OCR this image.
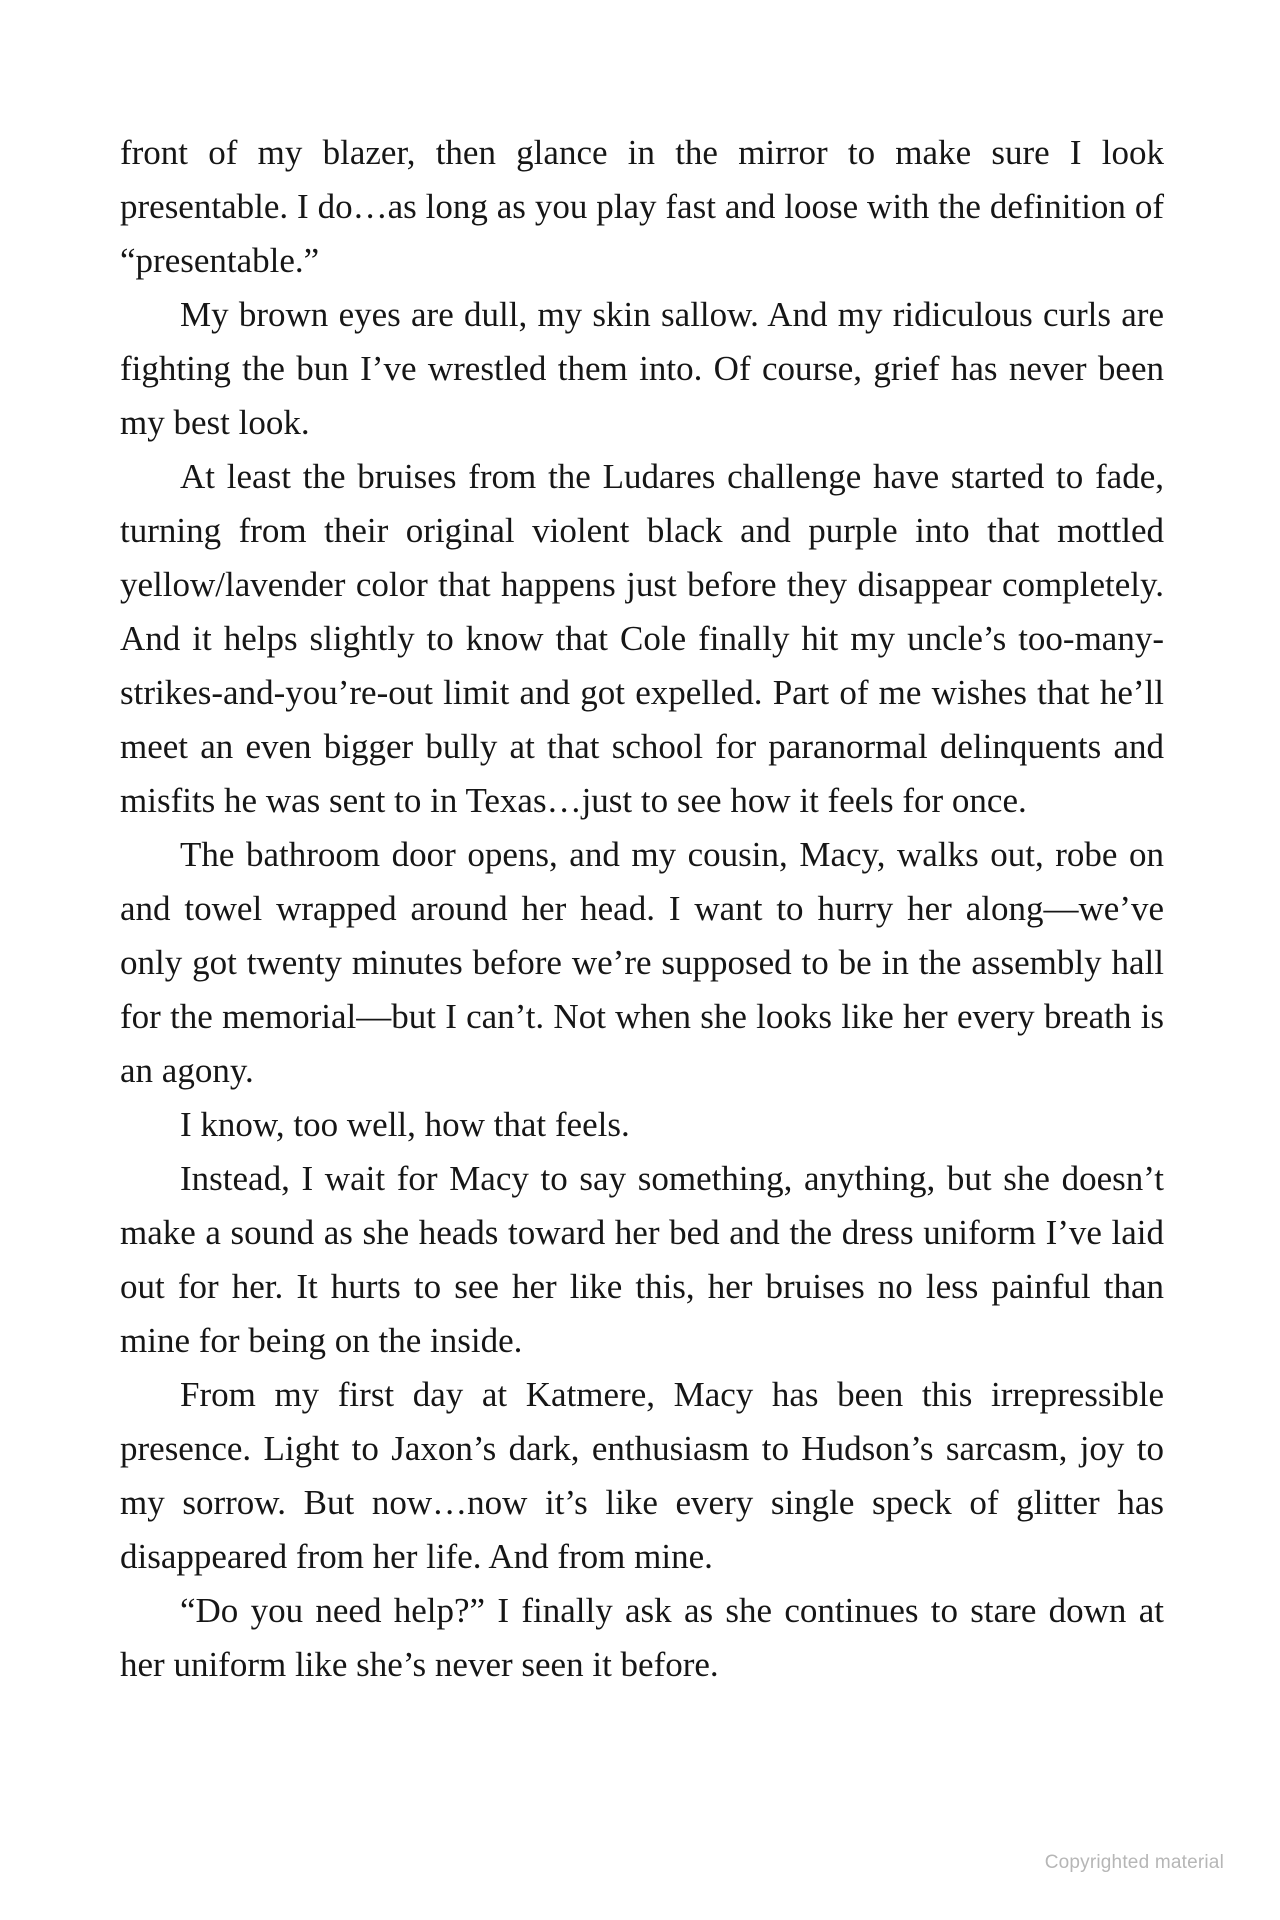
front of my blazer, then glance in the mirror to make sure I look presentable. I do…as long as you play fast and loose with the definition of “presentable.”

My brown eyes are dull, my skin sallow. And my ridiculous curls are fighting the bun I’ve wrestled them into. Of course, grief has never been my best look.

At least the bruises from the Ludares challenge have started to fade, turning from their original violent black and purple into that mottled yellow/lavender color that happens just before they disappear completely. And it helps slightly to know that Cole finally hit my uncle’s too-many-strikes-and-you’re-out limit and got expelled. Part of me wishes that he’ll meet an even bigger bully at that school for paranormal delinquents and misfits he was sent to in Texas…just to see how it feels for once.

The bathroom door opens, and my cousin, Macy, walks out, robe on and towel wrapped around her head. I want to hurry her along—we’ve only got twenty minutes before we’re supposed to be in the assembly hall for the memorial—but I can’t. Not when she looks like her every breath is an agony.

I know, too well, how that feels.

Instead, I wait for Macy to say something, anything, but she doesn’t make a sound as she heads toward her bed and the dress uniform I’ve laid out for her. It hurts to see her like this, her bruises no less painful than mine for being on the inside.

From my first day at Katmere, Macy has been this irrepressible presence. Light to Jaxon’s dark, enthusiasm to Hudson’s sarcasm, joy to my sorrow. But now…now it’s like every single speck of glitter has disappeared from her life. And from mine.

“Do you need help?” I finally ask as she continues to stare down at her uniform like she’s never seen it before.

Copyrighted material
